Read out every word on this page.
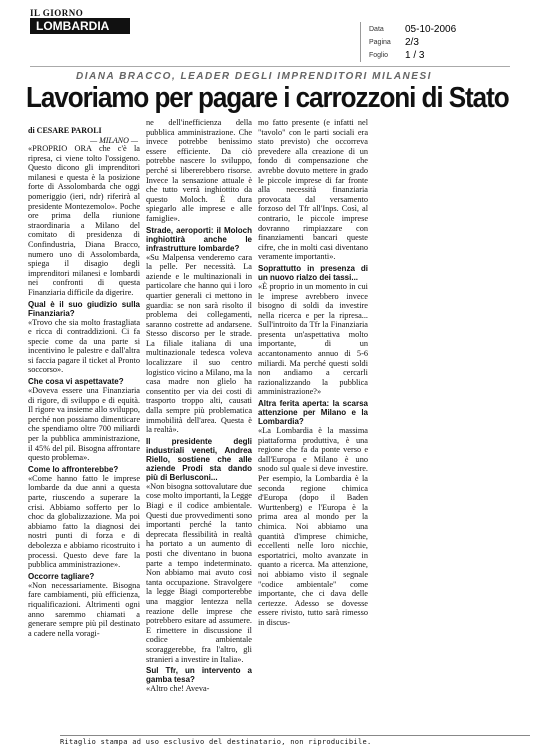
IL GIORNO
LOMBARDIA	Data 05-10-2006
Pagina 2/3
Foglio 1 / 3
DIANA BRACCO, LEADER DEGLI IMPRENDITORI MILANESI
Lavoriamo per pagare i carrozzoni di Stato
di CESARE PAROLI
— MILANO —

«PROPRIO ORA che c'è la ripresa, ci viene tolto l'ossigeno. Questo dicono gli imprenditori milanesi e questa è la posizione forte di Assolombarda che oggi pomeriggio (ieri, ndr) riferirà al presidente Montezemolo». Poche ore prima della riunione straordinaria a Milano del comitato di presidenza di Confindustria, Diana Bracco, numero uno di Assolombarda, spiega il disagio degli imprenditori milanesi e lombardi nei confronti di questa Finanziaria difficile da digerire.

Qual è il suo giudizio sulla Finanziaria?

«Trovo che sia molto frastagliata e ricca di contraddizioni. Ci fa specie come da una parte si incentivino le palestre e dall'altra si faccia pagare il ticket al Pronto soccorso».

Che cosa vi aspettavate?

«Doveva essere una Finanziaria di rigore, di sviluppo e di equità. Il rigore va insieme allo sviluppo, perché non possiamo dimenticare che spendiamo oltre 700 miliardi per la pubblica amministrazione, il 45% del pil. Bisogna affrontare questo problema».

Come lo affronterebbe?

«Come hanno fatto le imprese lombarde da due anni a questa parte, riuscendo a superare la crisi. Abbiamo sofferto per lo choc da globalizzazione. Ma poi abbiamo fatto la diagnosi dei nostri punti di forza e di debolezza e abbiamo ricostruito i processi. Questo deve fare la pubblica amministrazione».

Occorre tagliare?

«Non necessariamente. Bisogna fare cambiamenti, più efficienza, riqualificazioni. Altrimenti ogni anno saremmo chiamati a generare sempre più pil destinato a cadere nella voragi-

ne dell'inefficienza della pubblica amministrazione. Che invece potrebbe benissimo essere efficiente. Da ciò potrebbe nascere lo sviluppo, perché si libererebbero risorse. Invece la sensazione attuale è che tutto verrà inghiottito da questo Moloch. È dura spiegarlo alle imprese e alle famiglie».

Strade, aeroporti: il Moloch inghiottirà anche le infrastrutture lombarde?

«Su Malpensa venderemo cara la pelle. Per necessità. La aziende e le multinazionali in particolare che hanno qui i loro quartier generali ci mettono in guardia: se non sarà risolto il problema dei collegamenti, saranno costrette ad andarsene. Stesso discorso per le strade. La filiale italiana di una multinazionale tedesca voleva localizzare il suo centro logistico vicino a Milano, ma la casa madre non glielo ha consentito per via dei costi di trasporto troppo alti, causati dalla sempre più problematica immobilità dell'area. Questa è la realtà».

Il presidente degli industriali veneti, Andrea Riello, sostiene che alle aziende Prodi sta dando più di Berlusconi...

«Non bisogna sottovalutare due cose molto importanti, la Legge Biagi e il codice ambientale. Questi due provvedimenti sono importanti perché la tanto deprecata flessibilità in realtà ha portato a un aumento di posti che diventano in buona parte a tempo indeterminato. Non abbiamo mai avuto così tanta occupazione. Stravolgere la legge Biagi comporterebbe una maggior lentezza nella reazione delle imprese che potrebbero esitare ad assumere. E rimettere in discussione il codice ambientale scoraggerebbe, fra l'altro, gli stranieri a investire in Italia».

Sul Tfr, un intervento a gamba tesa?

«Altro che! Aveva-

mo fatto presente (e infatti nel "tavolo" con le parti sociali era stato previsto) che occorreva prevedere alla creazione di un fondo di compensazione che avrebbe dovuto mettere in grado le piccole imprese di far fronte alla necessità finanziaria provocata dal versamento forzoso del Tfr all'Inps. Così, al contrario, le piccole imprese dovranno rimpiazzare con finanziamenti bancari queste cifre, che in molti casi diventano veramente importanti».

Soprattutto in presenza di un nuovo rialzo dei tassi...

«È proprio in un momento in cui le imprese avrebbero invece bisogno di soldi da investire nella ricerca e per la ripresa... Sull'introito da Tfr la Finanziaria presenta un'aspettativa molto importante, di un accantonamento annuo di 5-6 miliardi. Ma perché questi soldi non andiamo a cercarli razionalizzando la pubblica amministrazione?»

Altra ferita aperta: la scarsa attenzione per Milano e la Lombardia?

«La Lombardia è la massima piattaforma produttiva, è una regione che fa da ponte verso e dall'Europa e Milano è uno snodo sul quale si deve investire. Per esempio, la Lombardia è la seconda regione chimica d'Europa (dopo il Baden Wurttenberg) e l'Europa è la prima area al mondo per la chimica. Noi abbiamo una quantità d'imprese chimiche, eccellenti nelle loro nicchie, esportatrici, molto avanzate in quanto a ricerca. Ma attenzione, noi abbiamo visto il segnale "codice ambientale" come importante, che ci dava delle certezze. Adesso se dovesse essere rivisto, tutto sarà rimesso in discus-

Ritaglio stampa ad uso esclusivo del destinatario, non riproducibile.
